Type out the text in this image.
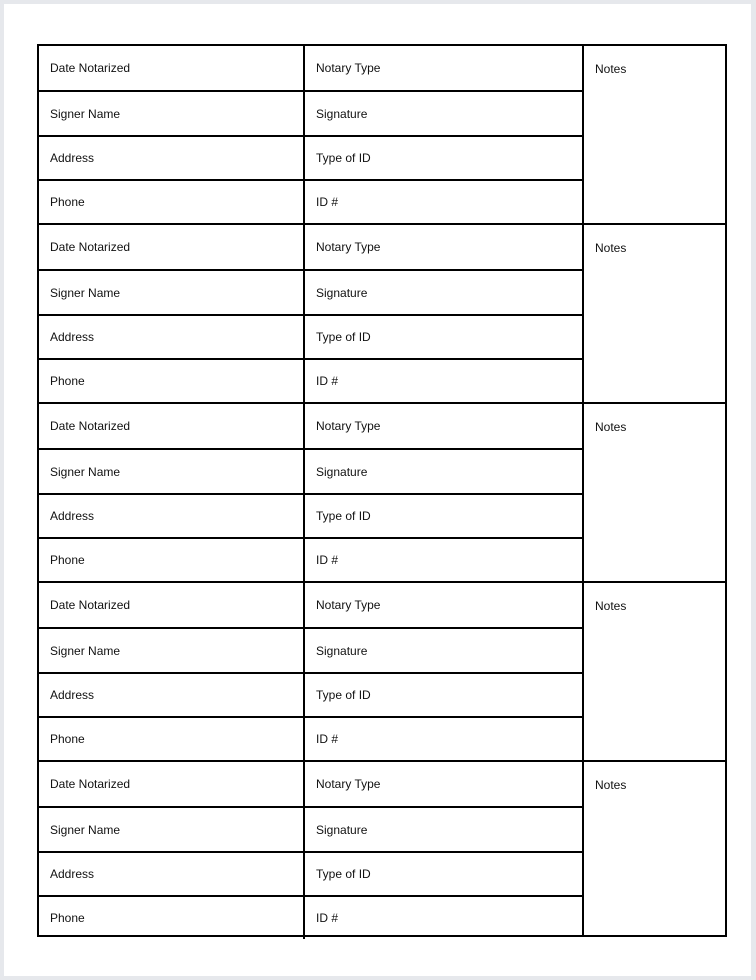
Date Notarized	Notary Type
Signer Name	Signature
Address	Type of ID
Phone	ID #
Notes
Date Notarized	Notary Type
Signer Name	Signature
Address	Type of ID
Phone	ID #
Notes
Date Notarized	Notary Type
Signer Name	Signature
Address	Type of ID
Phone	ID #
Notes
Date Notarized	Notary Type
Signer Name	Signature
Address	Type of ID
Phone	ID #
Notes
Date Notarized	Notary Type
Signer Name	Signature
Address	Type of ID
Phone	ID #
Notes
